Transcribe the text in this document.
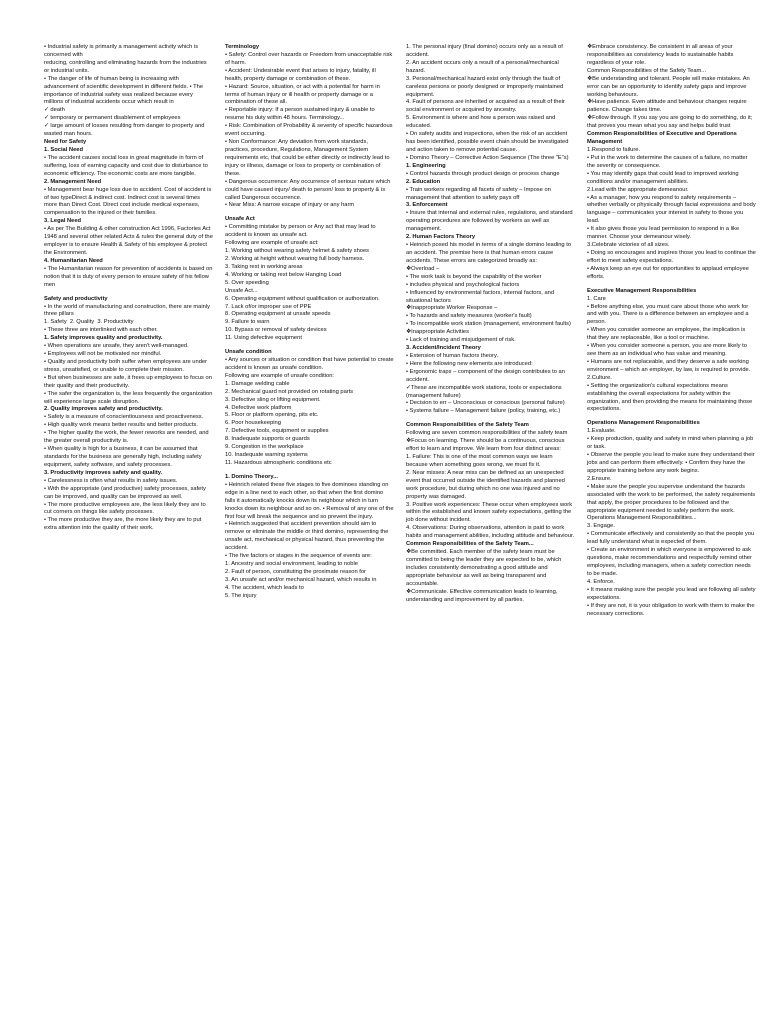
• Industrial safety is primarily a management activity which is concerned with

reducing, controlling and eliminating hazards from the industries or industrial units.

• The danger of life of human being is increasing with advancement of scientific development in different fields. • The importance of industrial safety was realized because every millions of industrial accidents occur which result in

✓ death

✓ temporary or permanent disablement of employees

✓ large amount of losses resulting from danger to property and wasted man hours.

Need for Safety

1. Social Need

• The accident causes social loss in great magnitude in form of suffering, loss of earning capacity and cost due to disturbance to economic efficiency. The economic costs are more tangible.

2. Management Need

• Management bear huge loss due to accident. Cost of accident is of two typeDirect & indirect cost. Indirect cost is several times more than Direct Cost. Direct cost include medical expenses, compensation to the injured or their families.

3. Legal Need

• As per The Building & other construction Act 1996, Factories Act 1948 and several other related Acts & rules the general duty of the employer is to ensure Health & Safety of his employee & protect the Environment.

4. Humanitarian Need

• The Humanitarian reason for prevention of accidents is based on notion that it is duty of every person to ensure safety of his fellow men

Safety and productivity

• In the world of manufacturing and construction, there are mainly three pillars

1. Safety  2. Quality  3. Productivity

• These three are interlinked with each other.

1. Safety improves quality and productivity.

• When operations are unsafe, they aren't well-managed.

• Employees will not be motivated nor mindful.

• Quality and productivity both suffer when employees are under stress, unsatisfied, or unable to complete their mission.

• But when businesses are safe, it frees up employees to focus on their quality and their productivity.

• The safer the organization is, the less frequently the organization will experience large scale disruption.

2. Quality improves safety and productivity.

• Safety is a measure of conscientiousness and proactiveness.

• High quality work means better results and better products.

• The higher quality the work, the fewer reworks are needed, and the greater overall productivity is.

• When quality is high for a business, it can be assumed that standards for the business are generally high, including safety equipment, safety software, and safety processes.

3. Productivity improves safety and quality.

• Carelessness is often what results in safety issues.

• With the appropriate (and productive) safety processes, safety can be improved, and quality can be improved as well.

• The more productive employees are, the less likely they are to cut corners on things like safety processes.

• The more productive they are, the more likely they are to put extra attention into the quality of their work.

Terminology

• Safety: Control over hazards or Freedom from unacceptable risk of harm.

• Accident: Undesirable event that arises to injury, fatality, ill health, property damage or combination of these.

• Hazard: Source, situation, or act with a potential for harm in terms of human injury or ill health or property damage or a combination of these all.

• Reportable injury: If a person sustained injury & unable to resume his duty within 48 hours. Terminology...

• Risk: Combination of Probability & severity of specific hazardous event occurring.

• Non Conformance: Any deviation from work standards, practices, procedure, Regulations, Management System requirements etc, that could be either directly or indirectly lead to injury or illness, damage or loss to property or combination of these.

• Dangerous occurrence: Any occurrence of serious nature which could have caused injury/ death to person/ loss to property & is called Dangerous occurrence.

• Near Miss: A narrow escape of injury or any harm

Unsafe Act

• Committing mistake by person or Any act that may lead to accident is known as unsafe act.

Following are example of unsafe act:

1. Working without wearing safety helmet & safety shoes

2. Working at height without wearing full body harness.

3. Taking rest in working areas

4. Working or taking rest below Hanging Load

5. Over speeding

Unsafe Act...

6. Operating equipment without qualification or authorization.

7. Lack of/or improper use of PPE

8. Operating equipment at unsafe speeds

9. Failure to warn

10. Bypass or removal of safety devices

11. Using defective equipment

Unsafe condition

• Any sources or situation or condition that have potential to create accident is known as unsafe condition.

Following are example of unsafe condition:

1. Damage welding cable

2. Mechanical guard not provided on rotating parts

3. Defective sling or lifting equipment.

4. Defective work platform

5. Floor or platform opening, pits etc.

6. Poor housekeeping

7. Defective tools, equipment or supplies

8. Inadequate supports or guards

9. Congestion in the workplace

10. Inadequate warning systems

11. Hazardous atmospheric conditions etc

1. Domino Theory...

• Heinrich related these five stages to five dominoes standing on edge in a line next to each other, so that when the first domino falls it automatically knocks down its neighbour which in turn knocks down its neighbour and so on. • Removal of any one of the first four will break the sequence and so prevent the injury.

• Heinrich suggested that accident prevention should aim to remove or eliminate the middle or third domino, representing the unsafe act, mechanical or physical hazard, thus preventing the accident.

• The five factors or stages in the sequence of events are:

1. Ancestry and social environment, leading to noble

2. Fault of person, constituting the proximate reason for

3. An unsafe act and/or mechanical hazard, which results in

4. The accident, which leads to

5. The injury

1. The personal injury (final domino) occurs only as a result of accident.

2. An accident occurs only a result of a personal/mechanical hazard.

3. Personal/mechanical hazard exist only through the fault of careless persons or poorly designed or improperly maintained equipment.

4. Fault of persons are inherited or acquired as a result of their social environment or acquired by ancestry.

5. Environment is where and how a person was raised and educated.

• On safety audits and inspections, when the risk of an accident has been identified, possible event chain should be investigated and action taken to remove potential cause.

• Domino Theory – Corrective Action Sequence (The three "E"s)

1. Engineering

• Control hazards through product design or process change

2. Education

• Train workers regarding all facets of safety – Impose on management that attention to safety pays off

3. Enforcement

• Insure that internal and external rules, regulations, and standard operating procedures are followed by workers as well as management.

2. Human Factors Theory

• Heinrich posed his model in terms of a single domino leading to an accident. The premise here is that human errors cause accidents. These errors are categorized broadly as:

❖Overload –

• The work task is beyond the capability of the worker

• includes physical and psychological factors

• Influenced by environmental factors, internal factors, and situational factors

❖Inappropriate Worker Response –

• To hazards and safety measures (worker's fault)

• To incompatible work station (management, environment faults)

❖Inappropriate Activities

• Lack of training and misjudgement of risk.

3. Accident/Incident Theory

• Extension of human factors theory.

• Here the following new elements are introduced:

• Ergonomic traps – component of the design contributes to an accident.

✓These are incompatible work stations, tools or expectations (management failure)

• Decision to err – Unconscious or conscious (personal failure)

• Systems failure – Management failure (policy, training, etc.)

Common Responsibilities of the Safety Team

Following are seven common responsibilities of the safety team

❖Focus on learning. There should be a continuous, conscious effort to learn and improve. We learn from four distinct areas:

1. Failure: This is one of the most common ways we learn because when something goes wrong, we must fix it.

2. Near misses: A near miss can be defined as an unexpected event that occurred outside the identified hazards and planned work procedure, but during which no one was injured and no property was damaged.

3. Positive work experiences: These occur when employees work within the established and known safety expectations, getting the job done without incident.

4. Observations: During observations, attention is paid to work habits and management abilities, including attitude and behaviour.

Common Responsibilities of the Safety Team...

❖Be committed. Each member of the safety team must be committed to being the leader they are expected to be, which includes consistently demonstrating a good attitude and appropriate behaviour as well as being transparent and accountable.

❖Communicate. Effective communication leads to learning, understanding and improvement by all parties.

❖Embrace consistency. Be consistent in all areas of your responsibilities as consistency leads to sustainable habits regardless of your role.

Common Responsibilities of the Safety Team...

❖Be understanding and tolerant. People will make mistakes. An error can be an opportunity to identify safety gaps and improve working behaviours.

❖Have patience. Even attitude and behaviour changes require patience. Change takes time.

❖Follow through. If you say you are going to do something, do it; that proves you mean what you say and helps build trust

Common Responsibilities of Executive and Operations Management

1.Respond to failure.

• Put in the work to determine the causes of a failure, no matter the severity or consequence.

• You may identify gaps that could lead to improved working conditions and/or management abilities.

2.Lead with the appropriate demeanour.

• As a manager, how you respond to safety requirements – whether verbally or physically through facial expressions and body language – communicates your interest in safety to those you lead.

• It also gives those you lead permission to respond in a like manner. Choose your demeanour wisely.

3.Celebrate victories of all sizes.

• Doing so encourages and inspires those you lead to continue the effort to meet safety expectations.

• Always keep an eye out for opportunities to applaud employee efforts.

Executive Management Responsibilities

1. Care

• Before anything else, you must care about those who work for and with you. There is a difference between an employee and a person.

• When you consider someone an employee, the implication is that they are replaceable, like a tool or machine.

• When you consider someone a person, you are more likely to see them as an individual who has value and meaning.

• Humans are not replaceable, and they deserve a safe working environment – which an employer, by law, is required to provide.

2.Culture.

• Setting the organization's cultural expectations means establishing the overall expectations for safety within the organization, and then providing the means for maintaining those expectations.

Operations Management Responsibilities

1.Evaluate.

• Keep production, quality and safety in mind when planning a job or task.

• Observe the people you lead to make sure they understand their jobs and can perform them effectively. • Confirm they have the appropriate training before any work begins.

2.Ensure.

• Make sure the people you supervise understand the hazards associated with the work to be performed, the safety requirements that apply, the proper procedures to be followed and the appropriate equipment needed to safely perform the work.

Operations Management Responsibilities...

3. Engage.

• Communicate effectively and consistently so that the people you lead fully understand what is expected of them.

• Create an environment in which everyone is empowered to ask questions, make recommendations and respectfully remind other employees, including managers, when a safety correction needs to be made.

4. Enforce.

• It means making sure the people you lead are following all safety expectations.

• If they are not, it is your obligation to work with them to make the necessary corrections.
